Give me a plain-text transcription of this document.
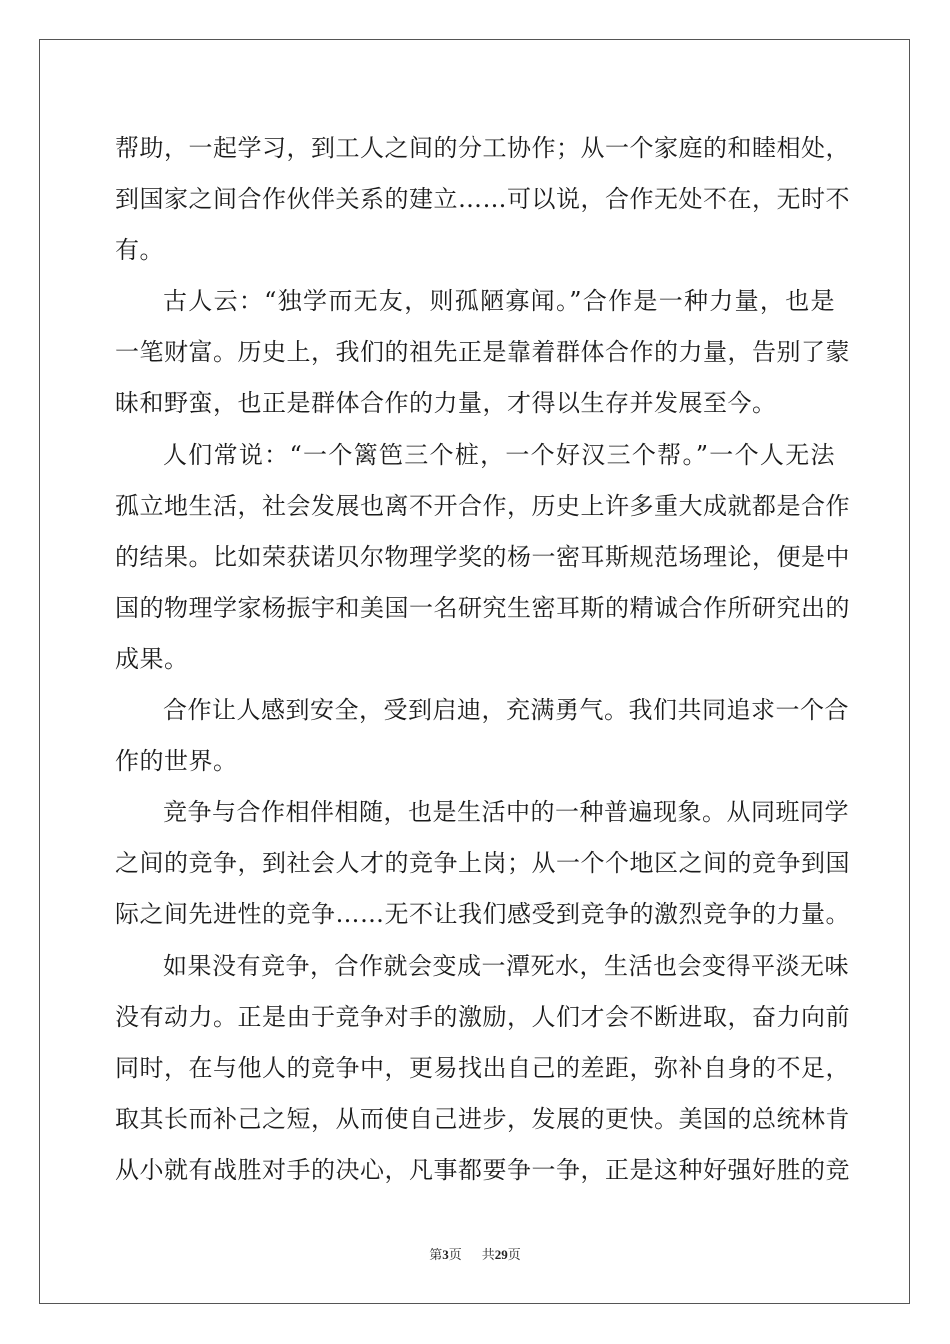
帮助，一起学习，到工人之间的分工协作；从一个家庭的和睦相处，
到国家之间合作伙伴关系的建立……可以说，合作无处不在，无时不
有。
古人云：“独学而无友，则孤陋寡闻。”合作是一种力量，也是
一笔财富。历史上，我们的祖先正是靠着群体合作的力量，告别了蒙
昧和野蛮，也正是群体合作的力量，才得以生存并发展至今。
人们常说：“一个篱笆三个桩，一个好汉三个帮。”一个人无法
孤立地生活，社会发展也离不开合作，历史上许多重大成就都是合作
的结果。比如荣获诺贝尔物理学奖的杨一密耳斯规范场理论，便是中
国的物理学家杨振宇和美国一名研究生密耳斯的精诚合作所研究出的
成果。
合作让人感到安全，受到启迪，充满勇气。我们共同追求一个合
作的世界。
竞争与合作相伴相随，也是生活中的一种普遍现象。从同班同学
之间的竞争，到社会人才的竞争上岗；从一个个地区之间的竞争到国
际之间先进性的竞争……无不让我们感受到竞争的激烈竞争的力量。
如果没有竞争，合作就会变成一潭死水，生活也会变得平淡无味
没有动力。正是由于竞争对手的激励，人们才会不断进取，奋力向前
同时，在与他人的竞争中，更易找出自己的差距，弥补自身的不足，
取其长而补己之短，从而使自己进步，发展的更快。美国的总统林肯
从小就有战胜对手的决心，凡事都要争一争，正是这种好强好胜的竞
第3页 共29页
